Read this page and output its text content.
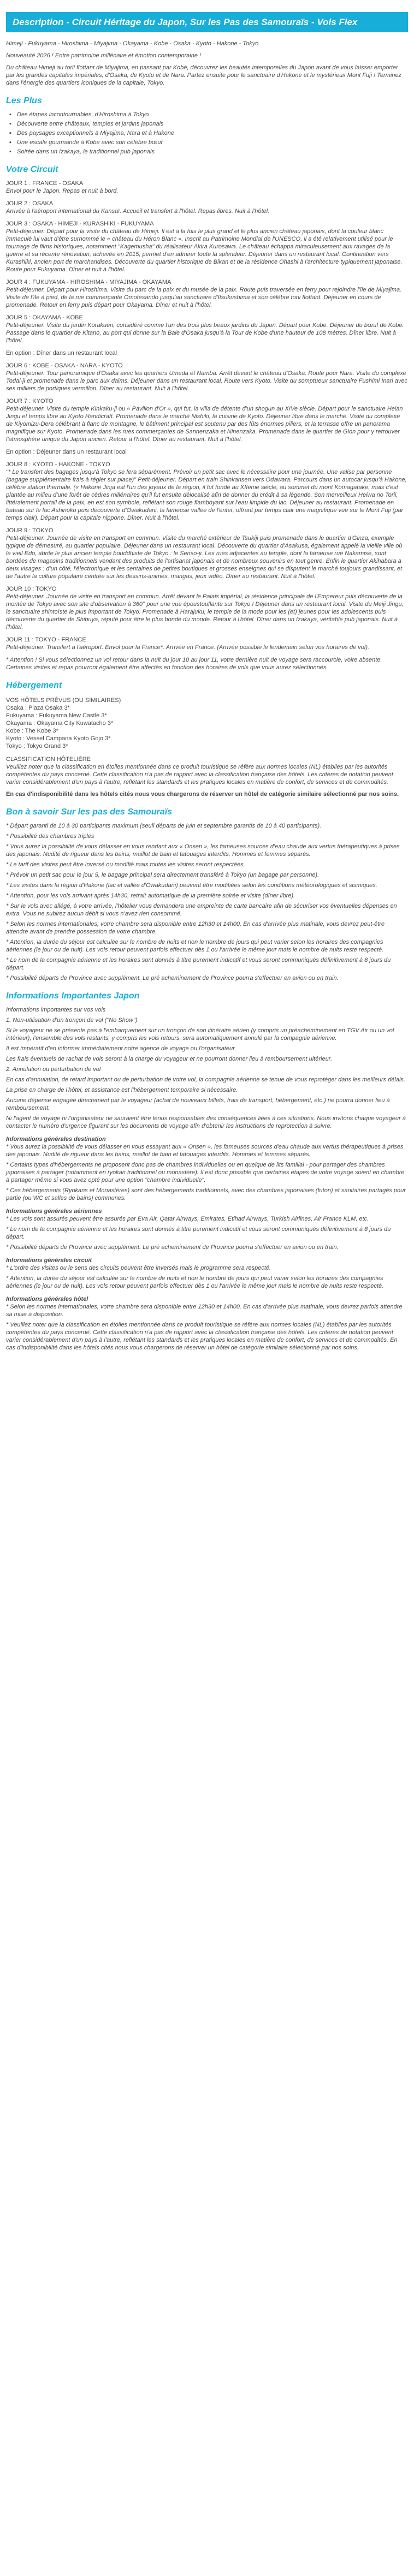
Description - Circuit Héritage du Japon, Sur les Pas des Samouraïs - Vols Flex

Himeji - Fukuyama - Hiroshima - Miyajima - Okayama - Kobe - Osaka - Kyoto - Hakone - Tokyo

Nouveauté 2026 ! Entre patrimoine millénaire et émotion contemporaine !

Du château Himeji au torii flottant de Miyajima, en passant par Kobé, découvrez les beautés intemporelles du Japon avant de vous laisser emporter par les grandes capitales impériales, d'Osaka, de Kyoto et de Nara. Partez ensuite pour le sanctuaire d'Hakone et le mystérieux Mont Fuji ! Terminez dans l'énergie des quartiers iconiques de la capitale, Tokyo.

Les Plus
▪ Des étapes incontournables, d'Hiroshima à Tokyo
▪ Découverte entre châteaux, temples et jardins japonais
▪ Des paysages exceptionnels à Miyajima, Nara et à Hakone
▪ Une escale gourmande à Kobe avec son célèbre bœuf
▪ Soirée dans un Izakaya, le traditionnel pub japonais
Votre Circuit
JOUR 1 : FRANCE - OSAKA
Envol pour le Japon. Repas et nuit à bord.
JOUR 2 : OSAKA
Arrivée à l'aéroport international du Kansaï. Accueil et transfert à l'hôtel. Repas libres. Nuit à l'hôtel.
JOUR 3 : OSAKA - HIMEJI - KURASHIKI - FUKUYAMA
Petit-déjeuner. Départ pour la visite du château de Himeji. Il est à la fois le plus grand et le plus ancien château japonais, dont la couleur blanc immaculé lui vaut d'être surnommé le « château du Héron Blanc ». Inscrit au Patrimoine Mondial de l'UNESCO, il a été relativement utilisé pour le tournage de films historiques, notamment "Kagemusha" du réalisateur Akira Kurosawa. Le château échappa miraculeusement aux ravages de la guerre et sa récente rénovation, achevée en 2015, permet d'en admirer toute la splendeur. Déjeuner dans un restaurant local. Continuation vers Kurashiki, ancien port de marchandises. Découverte du quartier historique de Bikan et de la résidence Ohashi à l'architecture typiquement japonaise. Route pour Fukuyama. Dîner et nuit à l'hôtel.
JOUR 4 : FUKUYAMA - HIROSHIMA - MIYAJIMA - OKAYAMA
Petit-déjeuner. Départ pour Hiroshima. Visite du parc de la paix et du musée de la paix. Route puis traversée en ferry pour rejoindre l'île de Miyajima. Visite de l'île à pied, de la rue commerçante Omotesando jusqu'au sanctuaire d'Itsukushima et son célèbre torii flottant. Déjeuner en cours de promenade. Retour en ferry puis départ pour Okayama. Dîner et nuit à l'hôtel.
JOUR 5 : OKAYAMA - KOBE
Petit-déjeuner. Visite du jardin Korakuen, considéré comme l'un des trois plus beaux jardins du Japon. Départ pour Kobe. Déjeuner du bœuf de Kobe. Passage dans le quartier de Kitano, au port qui donne sur la Baie d'Osaka jusqu'à la Tour de Kobe d'une hauteur de 108 mètres. Dîner libre. Nuit à l'hôtel.
En option : Dîner dans un restaurant local
JOUR 6 : KOBE - OSAKA - NARA - KYOTO
Petit-déjeuner. Tour panoramique d'Osaka avec les quartiers Umeda et Namba. Arrêt devant le château d'Osaka. Route pour Nara. Visite du complexe Todai-ji et promenade dans le parc aux daims. Déjeuner dans un restaurant local. Route vers Kyoto. Visite du somptueux sanctuaire Fushimi Inari avec ses milliers de portiques vermillon. Dîner au restaurant. Nuit à l'hôtel.
JOUR 7 : KYOTO
Petit-déjeuner. Visite du temple Kinkaku-ji ou « Pavillon d'Or », qui fut, la villa de détente d'un shogun au XIVe siècle. Départ pour le sanctuaire Heian Jingu et temps libre au Kyoto Handicraft. Promenade dans le marché Nishiki, la cuisine de Kyoto. Déjeuner libre dans le marché. Visite du complexe de Kiyomizu-Dera célébrant à flanc de montagne, le bâtiment principal est soutenu par des fûts énormes piliers, et la terrasse offre un panorama magnifique sur Kyoto. Promenade dans les rues commerçantes de Sannenzaka et Ninenzaka. Promenade dans le quartier de Gion pour y retrouver l'atmosphère unique du Japon ancien. Retour à l'hôtel. Dîner au restaurant. Nuit à l'hôtel.
En option : Déjeuner dans un restaurant local
JOUR 8 : KYOTO - HAKONE - TOKYO
"* Le transfert des bagages jusqu'à Tokyo se fera séparément. Prévoir un petit sac avec le nécessaire pour une journée. Une valise par personne (bagage supplémentaire frais à régler sur place)" Petit-déjeuner. Départ en train Shinkansen vers Odawara. Parcours dans un autocar jusqu'à Hakone, célèbre station thermale. (« Hakone Jinja est l'un des joyaux de la région, il fut fondé au XIIème siècle, au sommet du mont Komagatake, mais c'est plantée au milieu d'une forêt de cèdres millénaires qu'il fut ensuite délocalisé afin de donner du crédit à sa légende. Son merveilleux Heiwa no Torii, littéralement portail de la paix, en est son symbole, reflétant son rouge flamboyant sur l'eau limpide du lac. Déjeuner au restaurant. Promenade en bateau sur le lac Ashinoko puis découverte d'Owakudani, la fameuse vallée de l'enfer, offrant par temps clair une magnifique vue sur le Mont Fuji (par temps clair). Départ pour la capitale nippone. Dîner. Nuit à l'hôtel.
JOUR 9 : TOKYO
Petit-déjeuner. Journée de visite en transport en commun. Visite du marché extérieur de Tsukiji puis promenade dans le quartier d'Ginza, exemple typique de démesuré, au quartier populaire. Déjeuner dans un restaurant local. Découverte du quartier d'Asakusa, également appelé la vieille ville où le vieil Edo, abrite le plus ancien temple bouddhiste de Tokyo : le Senso-ji. Les rues adjacentes au temple, dont la fameuse rue Nakamise, sont bordées de magasins traditionnels vendant des produits de l'artisanat japonais et de nombreux souvenirs en tout genre. Enfin le quartier Akihabara a deux visages : d'un côté, l'électronique et les centaines de petites boutiques et grosses enseignes qui se disputent le marché toujours grandissant, et de l'autre la culture populaire centrée sur les dessins-animés, mangas, jeux vidéo. Dîner au restaurant. Nuit à l'hôtel.
JOUR 10 : TOKYO
Petit-déjeuner. Journée de visite en transport en commun. Arrêt devant le Palais impérial, la résidence principale de l'Empereur puis découverte de la montée de Tokyo avec son site d'observation à 360° pour une vue époustouflante sur Tokyo ! Déjeuner dans un restaurant local. Visite du Meiji Jingu, le sanctuaire shintoïste le plus important de Tokyo. Promenade à Harajuku, le temple de la mode pour les (et) jeunes pour les adolescents puis découverte du quartier de Shibuya, réputé pour être le plus bondé du monde. Retour à l'hôtel. Dîner dans un Izakaya, véritable pub japonais. Nuit à l'hôtel.
JOUR 11 : TOKYO - FRANCE
Petit-déjeuner. Transfert à l'aéroport. Envol pour la France*. Arrivée en France. (Arrivée possible le lendemain selon vos horaires de vol).

* Attention ! Si vous sélectionnez un vol retour dans la nuit du jour 10 au jour 11, votre dernière nuit de voyage sera raccourcie, voire absente. Certaines visites et repas pourront également être affectés en fonction des horaires de vols que vous aurez sélectionnés.

Hébergement
VOS HÔTELS PRÉVUS (OU SIMILAIRES)
Osaka : Plaza Osaka 3*
Fukuyama : Fukuyama New Castle 3*
Okayama : Okayama City Kuwatacho 3*
Kobe : The Kobe 3*
Kyoto : Vessel Campana Kyoto Gojo 3*
Tokyo : Tokyo Grand 3*
CLASSIFICATION HÔTELIÈRE

Veuillez noter que la classification en étoiles mentionnée dans ce produit touristique se réfère aux normes locales (NL) établies par les autorités compétentes du pays concerné. Cette classification n'a pas de rapport avec la classification française des hôtels. Les critères de notation peuvent varier considérablement d'un pays à l'autre, reflétant les standards et les pratiques locales en matière de confort, de services et de commodités.

En cas d'indisponibilité dans les hôtels cités nous vous chargerons de réserver un hôtel de catégorie similaire sélectionné par nos soins.

Bon à savoir Sur les pas des Samouraïs

* Départ garanti de 10 à 30 participants maximum (seuil départs de juin et septembre garantis de 10 à 40 participants).

* Possibilité des chambres triples

* Vous aurez la possibilité de vous délasser en vous rendant aux « Onsen », les fameuses sources d'eau chaude aux vertus thérapeutiques à prises des japonais. Nudité de rigueur dans les bains, maillot de bain et tatouages interdits. Hommes et femmes séparés.

* Le tarif des visites peut être inversé ou modifié mais toutes les visites seront respectées.

* Prévoir un petit sac pour le jour 5, le bagage principal sera directement transféré à Tokyo (un bagage par personne).

* Les visites dans la région d'Hakone (lac et vallée d'Owakudani) peuvent être modifiées selon les conditions météorologiques et sismiques.

* Attention, pour les vols arrivant après 14h30, retrait automatique de la première soirée et visite (dîner libre).

* Sur le vols avec allégé, à votre arrivée, l'hôtelier vous demandera une empreinte de carte bancaire afin de sécuriser vos éventuelles dépenses en extra. Vous ne subirez aucun débit si vous n'avez rien consommé.

* Selon les normes internationales, votre chambre sera disponible entre 12h30 et 14h00. En cas d'arrivée plus matinale, vous devrez peut-être attendre avant de prendre possession de votre chambre.

* Attention, la durée du séjour est calculée sur le nombre de nuits et non le nombre de jours qui peut varier selon les horaires des compagnies aériennes (le jour ou de nuit). Les vols retour peuvent parfois effectuer dès 1 ou l'arrivée le même jour mais le nombre de nuits reste respecté.

* Le nom de la compagnie aérienne et les horaires sont donnés à titre purement indicatif et vous seront communiqués définitivement à 8 jours du départ.

* Possibilité départs de Province avec supplément. Le pré acheminement de Province pourra s'effectuer en avion ou en train.

Informations Importantes Japon

Informations importantes sur vos vols

1. Non-utilisation d'un tronçon de vol ("No Show")

Si le voyageur ne se présente pas à l'embarquement sur un tronçon de son itinéraire aérien (y compris un préacheminement en TGV Air ou un vol intérieur), l'ensemble des vols restants, y compris les vols retours, sera automatiquement annulé par la compagnie aérienne.

Il est impératif d'en informer immédiatement notre agence de voyage ou l'organisateur.

Les frais éventuels de rachat de vols seront à la charge du voyageur et ne pourront donner lieu à remboursement ultérieur.

2. Annulation ou perturbation de vol

En cas d'annulation, de retard important ou de perturbation de votre vol, la compagnie aérienne se tenue de vous reprotéger dans les meilleurs délais.

La prise en charge de l'hôtel, et assistance est l'hébergement temporaire si nécessaire.

Aucune dépense engagée directement par le voyageur (achat de nouveaux billets, frais de transport, hébergement, etc.) ne pourra donner lieu à remboursement.

Ni l'agent de voyage ni l'organisateur ne sauraient être tenus responsables des conséquences liées à ces situations. Nous invitons chaque voyageur à contacter le numéro d'urgence figurant sur les documents de voyage afin d'obtenir les instructions de reprotection à suivre.

Informations générales destination

* Vous aurez la possibilité de vous délasser en vous essayant aux « Onsen », les fameuses sources d'eau chaude aux vertus thérapeutiques à prises des japonais. Nudité de rigueur dans les bains, maillot de bain et tatouages interdits. Hommes et femmes séparés.

* Certains types d'hébergements ne proposent donc pas de chambres individuelles ou en quelque de lits familial - pour partager des chambres japonaises à partager (notamment en ryokan traditionnel ou monastère). Il est donc possible que certaines étapes de votre voyage soient en chambre à partager même si vous avez opté pour une option "chambre individuelle".

* Ces hébergements (Ryokans et Monastères) sont des hébergements traditionnels, avec des chambres japonaises (futon) et sanitaires partagés pour partie (ou WC et salles de bains) communes.

Informations générales aériennes

* Les vols sont assurés peuvent être assurés par Eva Air, Qatar Airways, Emirates, Etihad Airways, Turkish Airlines, Air France KLM, etc.

* Le nom de la compagnie aérienne et les horaires sont donnés à titre purement indicatif et vous seront communiqués définitivement à 8 jours du départ.

* Possibilité départs de Province avec supplément. Le pré acheminement de Province pourra s'effectuer en avion ou en train.

Informations générales circuit

* L'ordre des visites ou le sens des circuits peuvent être inversés mais le programme sera respecté.

* Attention, la durée du séjour est calculée sur le nombre de nuits et non le nombre de jours qui peut varier selon les horaires des compagnies aériennes (le jour ou de nuit). Les vols retour peuvent parfois effectuer dès 1 ou l'arrivée le même jour mais le nombre de nuits reste respecté.

Informations générales hôtel

* Selon les normes internationales, votre chambre sera disponible entre 12h30 et 14h00. En cas d'arrivée plus matinale, vous devrez parfois attendre sa mise à disposition.

* Veuillez noter que la classification en étoiles mentionnée dans ce produit touristique se réfère aux normes locales (NL) établies par les autorités compétentes du pays concerné. Cette classification n'a pas de rapport avec la classification française des hôtels. Les critères de notation peuvent varier considérablement d'un pays à l'autre, reflétant les standards et les pratiques locales en matière de confort, de services et de commodités. En cas d'indisponibilité dans les hôtels cités nous vous chargerons de réserver un hôtel de catégorie similaire sélectionné par nos soins.
